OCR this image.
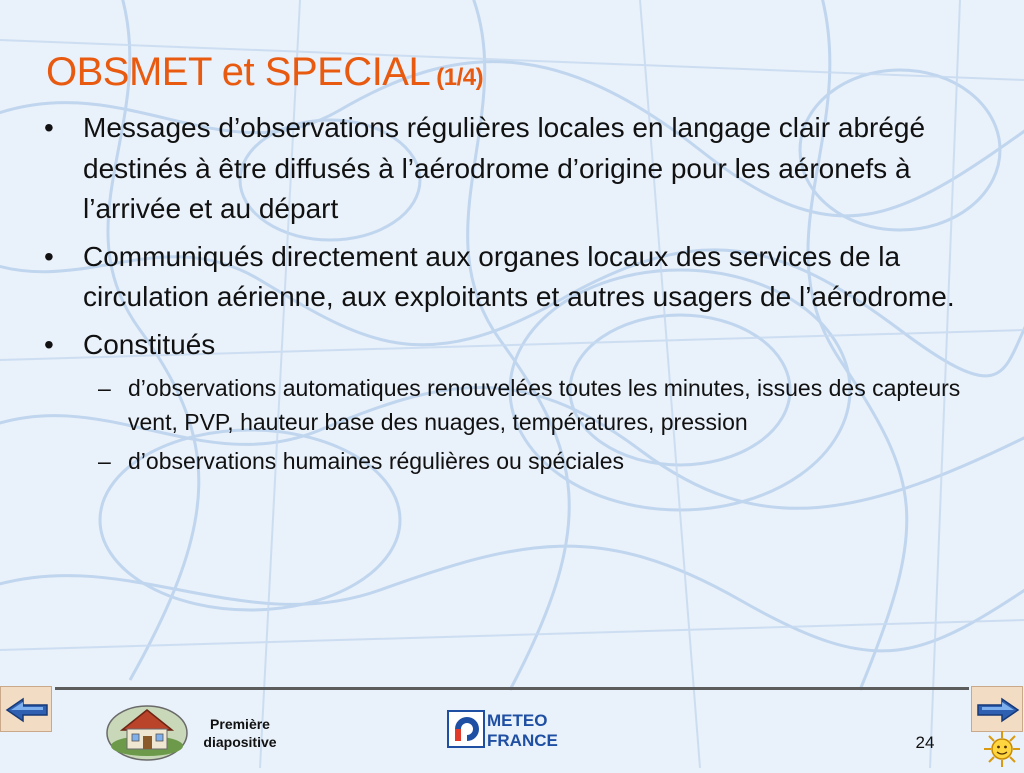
OBSMET et SPECIAL (1/4)
• Messages d’observations régulières locales en langage clair abrégé destinés à être diffusés à l’aérodrome d’origine pour les aéronefs à l’arrivée et au départ
• Communiqués directement aux organes locaux des services de la circulation aérienne, aux exploitants et autres usagers de l’aérodrome.
• Constitués
– d’observations automatiques renouvelées toutes les minutes, issues des capteurs vent, PVP, hauteur base des nuages, températures, pression
– d’observations humaines régulières ou spéciales
Première
diapositive
METEO
FRANCE	24
